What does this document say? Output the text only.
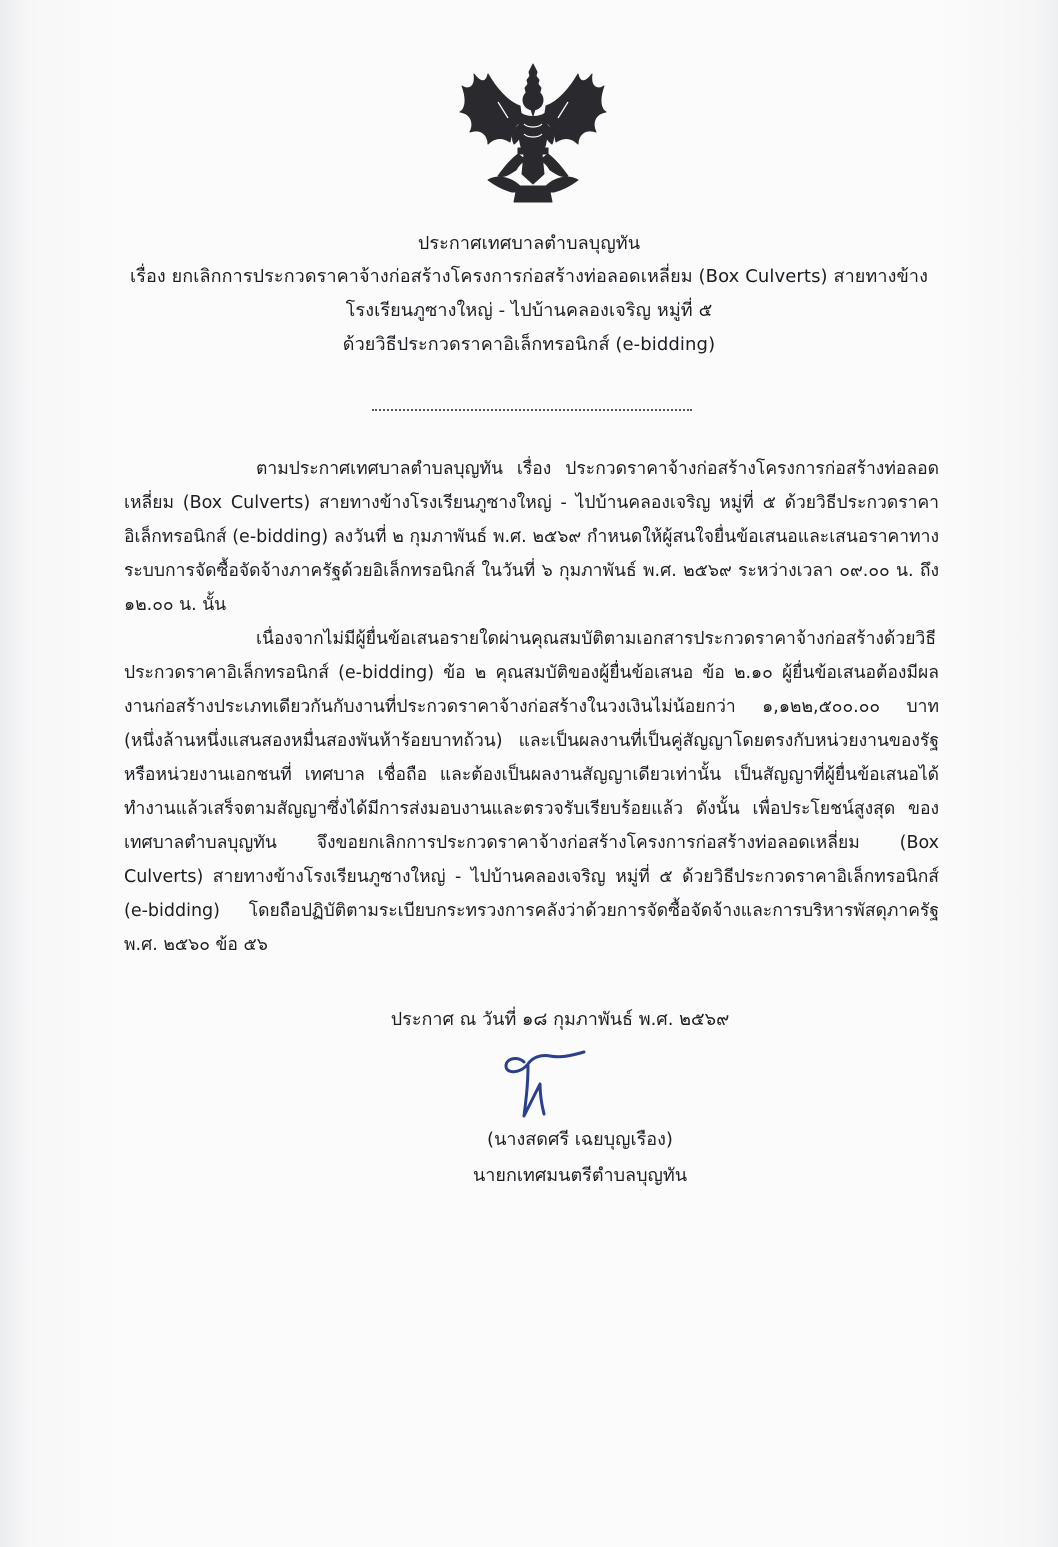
ประกาศเทศบาลตำบลบุญทัน
เรื่อง ยกเลิกการประกวดราคาจ้างก่อสร้างโครงการก่อสร้างท่อลอดเหลี่ยม (Box Culverts) สายทางข้าง
โรงเรียนภูซางใหญ่ - ไปบ้านคลองเจริญ หมู่ที่ ๕
ด้วยวิธีประกวดราคาอิเล็กทรอนิกส์ (e-bidding)

ตามประกาศเทศบาลตำบลบุญทัน เรื่อง ประกวดราคาจ้างก่อสร้างโครงการก่อสร้างท่อลอดเหลี่ยม (Box Culverts) สายทางข้างโรงเรียนภูซางใหญ่ - ไปบ้านคลองเจริญ หมู่ที่ ๕ ด้วยวิธีประกวดราคาอิเล็กทรอนิกส์ (e-bidding) ลงวันที่ ๒ กุมภาพันธ์ พ.ศ. ๒๕๖๙ กำหนดให้ผู้สนใจยื่นข้อเสนอและเสนอราคาทางระบบการจัดซื้อจัดจ้างภาครัฐด้วยอิเล็กทรอนิกส์ ในวันที่ ๖ กุมภาพันธ์ พ.ศ. ๒๕๖๙ ระหว่างเวลา ๐๙.๐๐ น. ถึง ๑๒.๐๐ น. นั้น

เนื่องจากไม่มีผู้ยื่นข้อเสนอรายใดผ่านคุณสมบัติตามเอกสารประกวดราคาจ้างก่อสร้างด้วยวิธีประกวดราคาอิเล็กทรอนิกส์ (e-bidding) ข้อ ๒ คุณสมบัติของผู้ยื่นข้อเสนอ ข้อ ๒.๑๐ ผู้ยื่นข้อเสนอต้องมีผลงานก่อสร้างประเภทเดียวกันกับงานที่ประกวดราคาจ้างก่อสร้างในวงเงินไม่น้อยกว่า ๑,๑๒๒,๕๐๐.๐๐ บาท (หนึ่งล้านหนึ่งแสนสองหมื่นสองพันห้าร้อยบาทถ้วน) และเป็นผลงานที่เป็นคู่สัญญาโดยตรงกับหน่วยงานของรัฐ หรือหน่วยงานเอกชนที่ เทศบาล เชื่อถือ และต้องเป็นผลงานสัญญาเดียวเท่านั้น เป็นสัญญาที่ผู้ยื่นข้อเสนอได้ทำงานแล้วเสร็จตามสัญญาซึ่งได้มีการส่งมอบงานและตรวจรับเรียบร้อยแล้ว ดังนั้น เพื่อประโยชน์สูงสุด ของเทศบาลตำบลบุญทัน จึงขอยกเลิกการประกวดราคาจ้างก่อสร้างโครงการก่อสร้างท่อลอดเหลี่ยม (Box Culverts) สายทางข้างโรงเรียนภูซางใหญ่ - ไปบ้านคลองเจริญ หมู่ที่ ๕ ด้วยวิธีประกวดราคาอิเล็กทรอนิกส์ (e-bidding) โดยถือปฏิบัติตามระเบียบกระทรวงการคลังว่าด้วยการจัดซื้อจัดจ้างและการบริหารพัสดุภาครัฐ พ.ศ. ๒๕๖๐ ข้อ ๕๖

ประกาศ ณ วันที่ ๑๘ กุมภาพันธ์ พ.ศ. ๒๕๖๙
(นางสดศรี เฉยบุญเรือง)
นายกเทศมนตรีตำบลบุญทัน
